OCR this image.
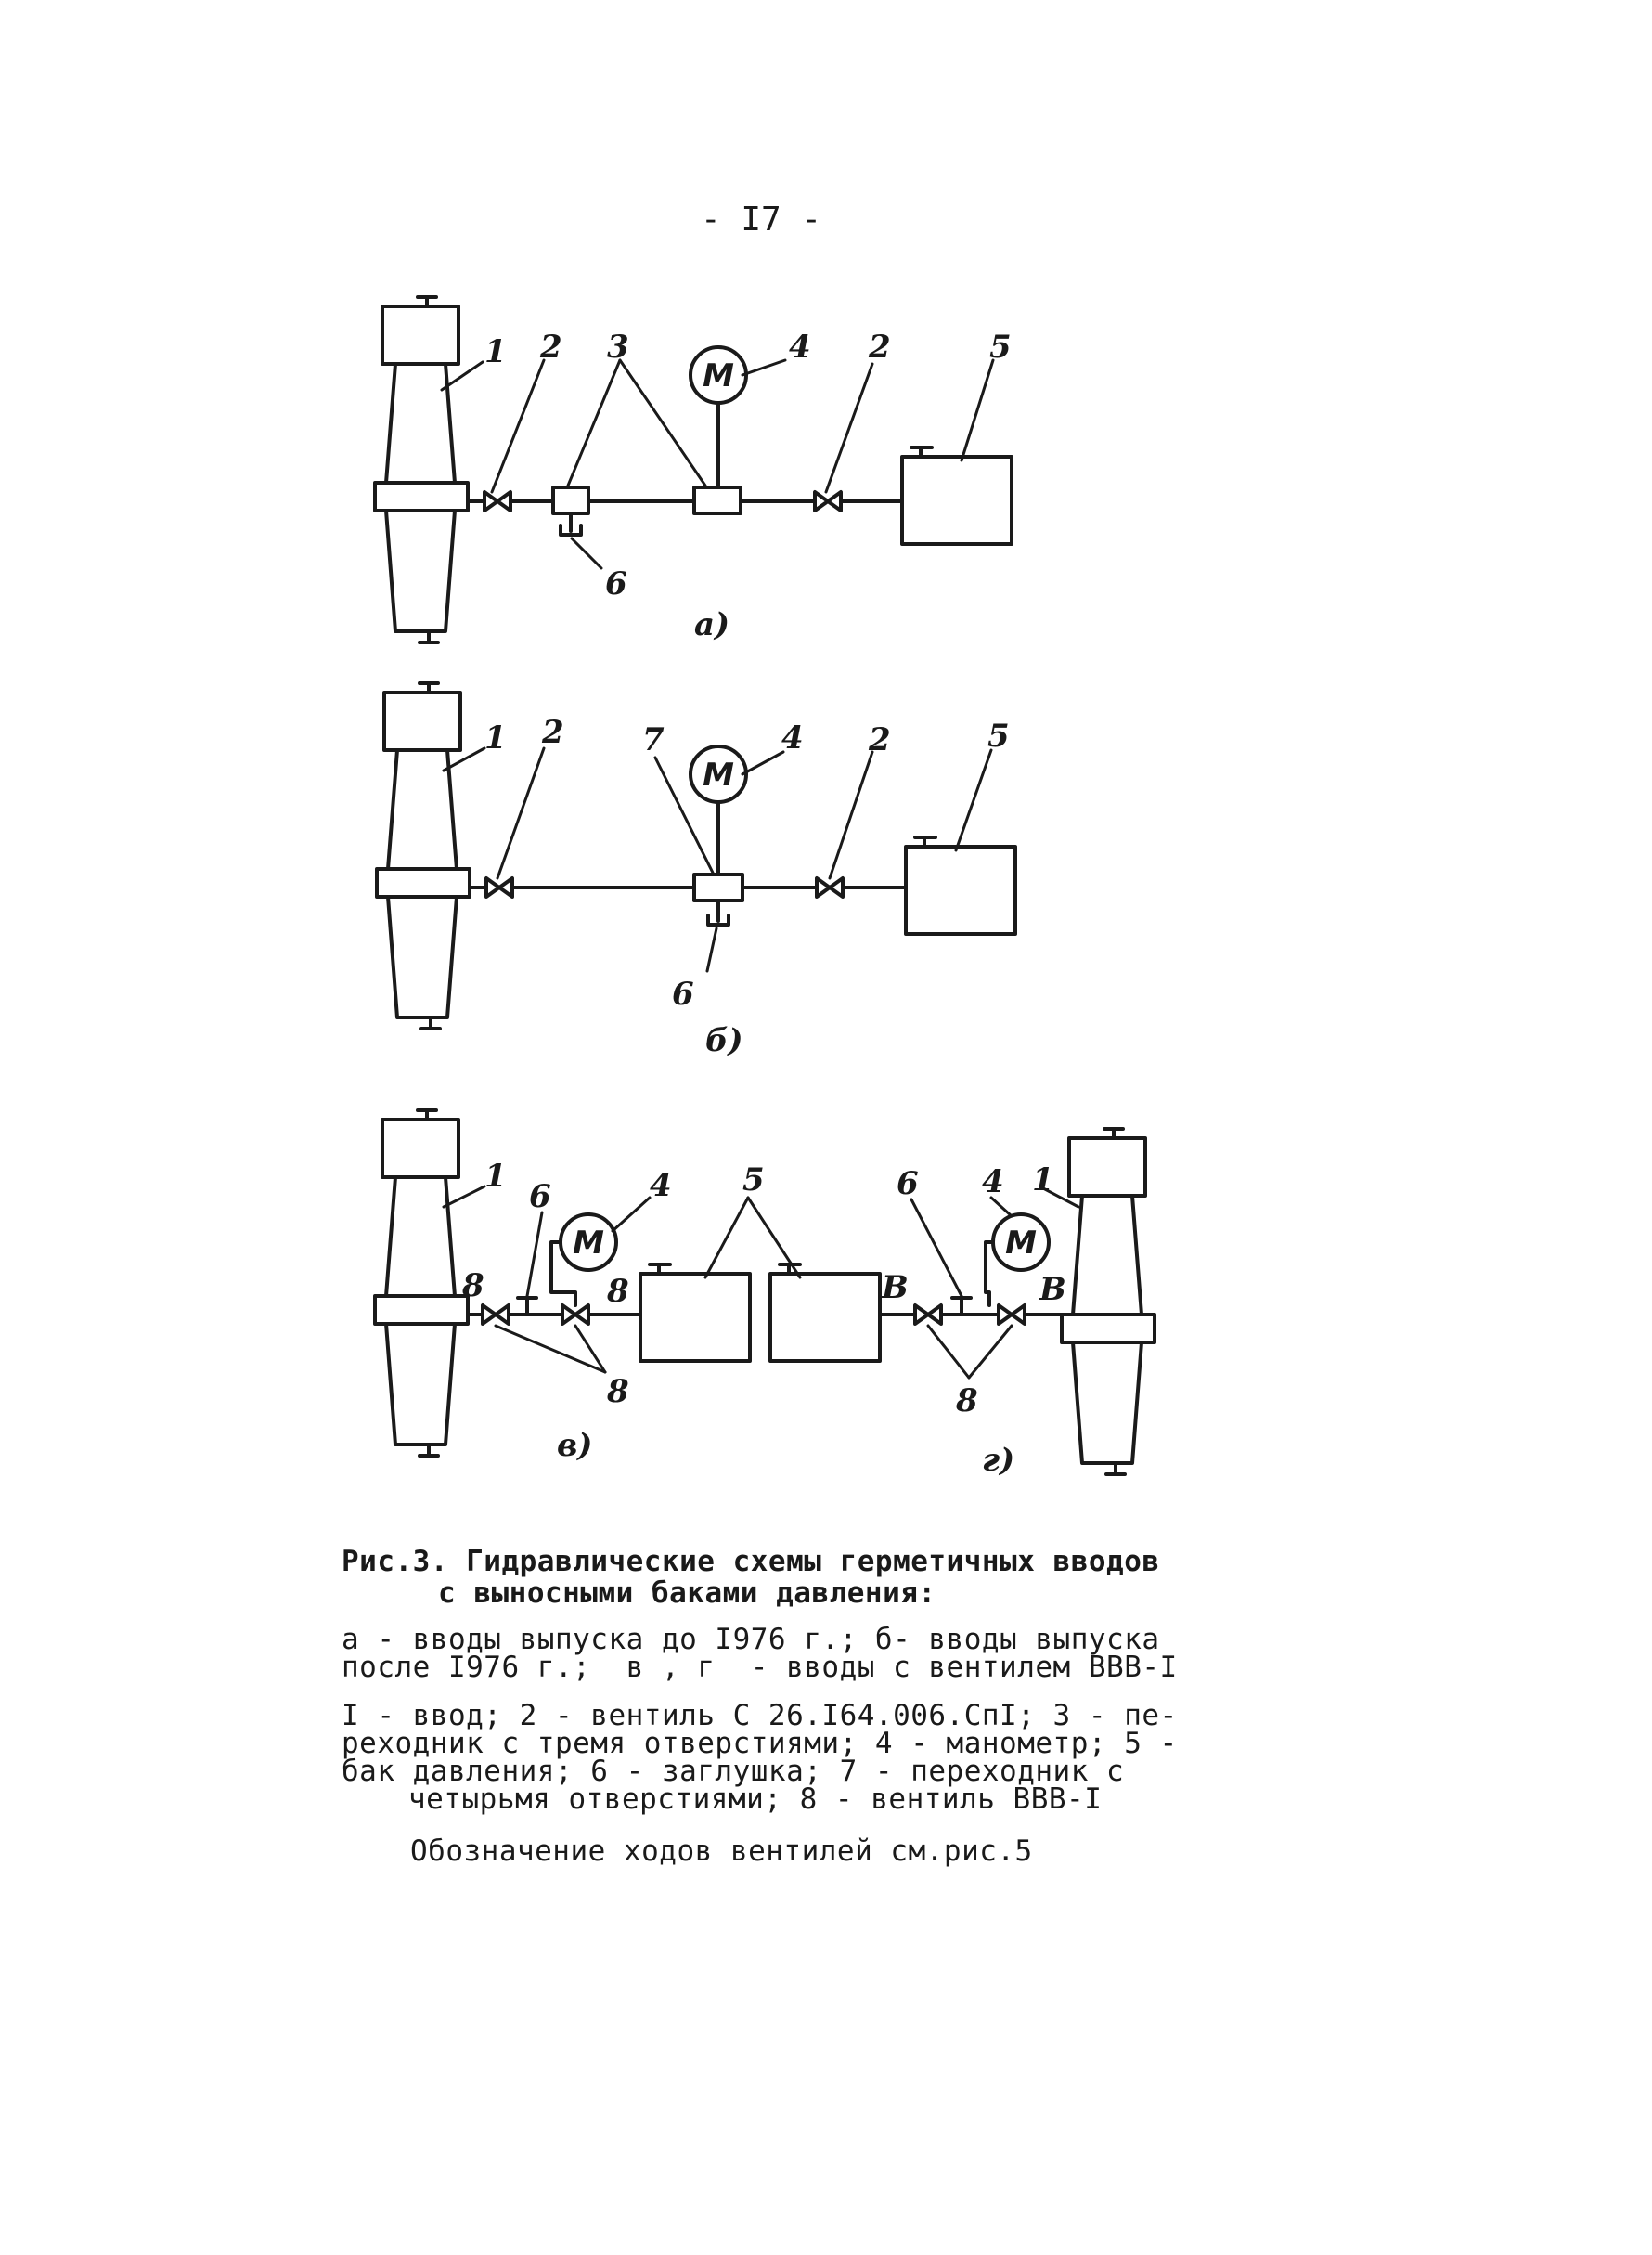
- I7 -
М
1 2 3	4 2	5
6
а)
М
1 2 7	4 2	5
6
б)
М
1
6	4
8	8
8
в)
М
5	6 4 1
В	В
8
г)
Рис.3. Гидравлические схемы герметичных вводов
с выносными баками давления:
а - вводы выпуска до I976 г.; б- вводы выпуска
после I976 г.;  в , г  - вводы с вентилем ВВВ-I
I - ввод; 2 - вентиль С 26.I64.006.СпI; 3 - пе-
реходник с тремя отверстиями; 4 - манометр; 5 -
бак давления; 6 - заглушка; 7 - переходник с
четырьмя отверстиями; 8 - вентиль ВВВ-I
Обозначение ходов вентилей см.рис.5
